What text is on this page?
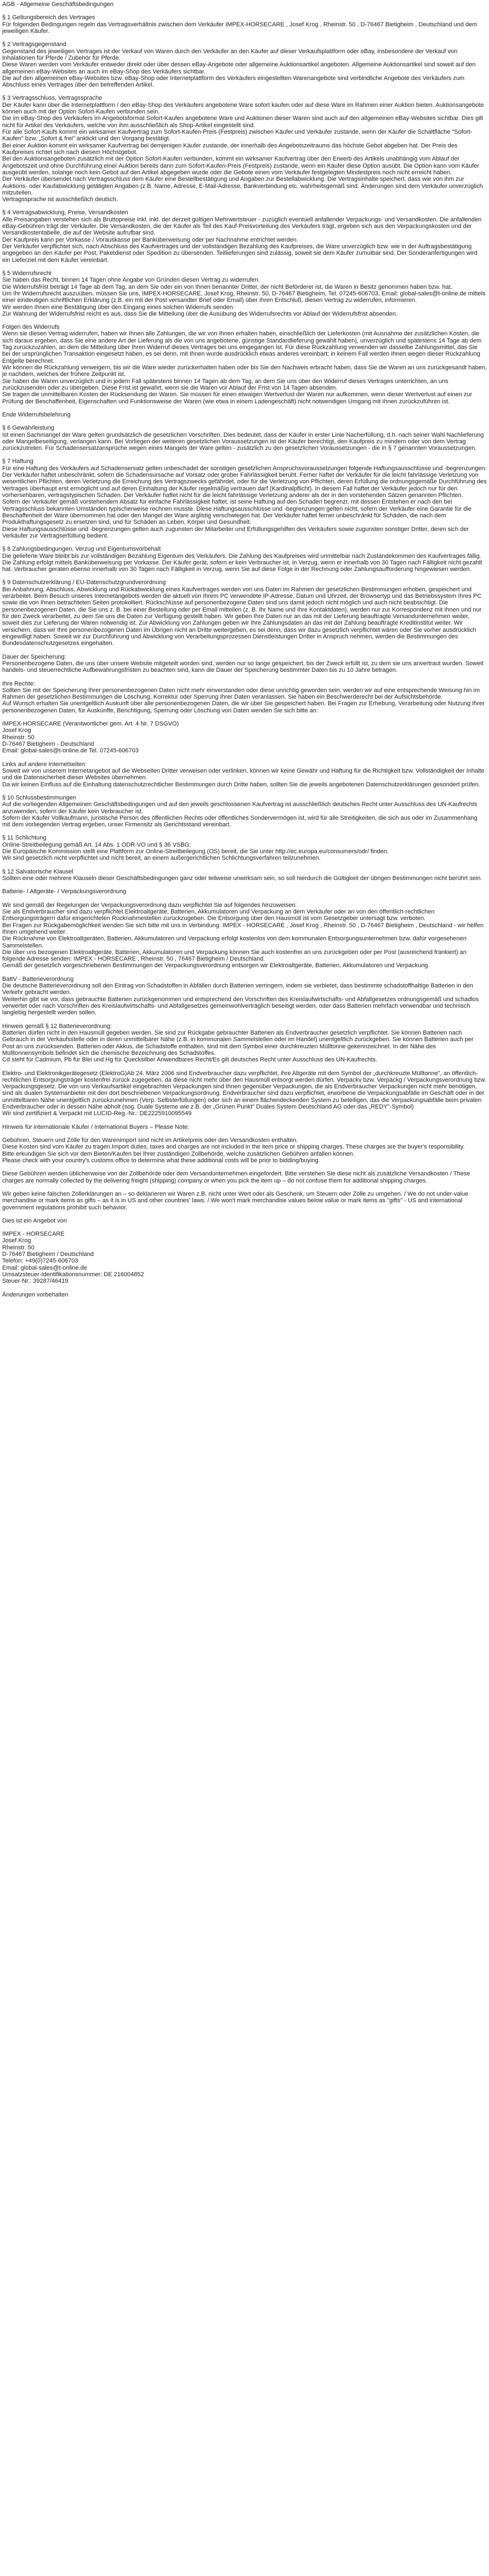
AGB - Allgemeine Geschäftsbedingungen

§ 1 Geltungsbereich des Vertrages
Für folgenden Bedingungen regeln das Vertragsverhältnis zwischen dem Verkäufer IMPEX-HORSECARE , Josef Krog , Rheinstr. 50 , D-76467 Bietigheim , Deutschland und dem jeweiligen Käufer.

§ 2 Vertragsgegenstand
Gegenstand des jeweiligen Vertrages ist der Verkauf von Waren durch den Verkäufer an den Käufer auf dieser Verkaufsplattform oder eBay, insbesondere der Verkauf von Inhalationen für Pferde / Zubehör für Pferde.
Diese Waren werden vom Verkäufer entweder direkt oder über dessen eBay-Angebote oder allgemeine Auktionsartikel angeboten. Allgemeine Auktionsartikel sind soweit auf den allgemeinen eBay-Websites an auch im eBay-Shop des Verkäufers sichtbar.
Die auf den allgemeinen eBay-Websites bzw. eBay-Shop oder Internetplattform des Verkäufers eingestellten Warenangebote sind verbindliche Angebote des Verkäufers zum Abschluss eines Vertrages über den betreffenden Artikel.

§ 3 Vertragsschluss, Vertragssprache
Der Käufer kann über die Internetplattform / den eBay-Shop des Verkäufers angebotene Ware sofort kaufen oder auf diese Ware im Rahmen einer Auktion bieten. Auktionsangebote können auch mit der Option Sofort-Kaufen verbunden sein.
Die im eBay-Shop des Verkäufers im Angebotsformat Sofort-Kaufen angebotene Ware und Auktionen dieser Waren sind auch auf den allgemeinen eBay-Websites sichtbar. Dies gilt nicht für Artikel des Verkäufers, welche von ihm ausschließlich als Shop-Artikel eingestellt sind.
Für alle Sofort-Kaufs kommt ein wirksamer Kaufvertrag zum Sofort-Kaufen-Preis (Festpreis) zwischen Käufer und Verkäufer zustande, wenn der Käufer die Schaltfläche "Sofort-Kaufen" bzw. „Sofort & frei" anklickt und den Vorgang bestätigt.
Bei einer Auktion kommt ein wirksamer Kaufvertrag bei demjenigen Käufer zustande, der innerhalb des Angebotszeitraums das höchste Gebot abgeben hat. Der Preis des Kaufpreises richtet sich nach diesem Höchstgebot.
Bei den Auktionsangeboten zusätzlich mit der Option Sofort-Kaufen verbunden, kommt ein wirksamer Kaufvertrag über den Erwerb des Artikels unabhängig vom Ablauf der Angebotszeit und ohne Durchführung einer Auktion bereits dann zum Sofort-Kaufen-Preis (Festpreis) zustande, wenn ein Käufer diese Option ausübt. Die Option kann vom Käufer ausgeübt werden, solange noch kein Gebot auf den Artikel abgegeben wurde oder die Gebote einen vom Verkäufer festgelegten Mindestpreis noch nicht erreicht haben.
Der Verkäufer übersendet nach Vertragsschluss dem Käufer eine Bestellbestätigung und Angaben zur Bestellabwicklung. Die Vertragsinhalte speichert, dass wie von ihm zur Auktions- oder Kaufabwicklung getätigten Angaben (z.B. Name, Adresse, E-Mail-Adresse, Bankverbindung etc. wahrheitsgemäß sind. Änderungen sind dem Verkäufer unverzüglich mitzuteilen.
Vertragssprache ist ausschließlich deutsch.

§ 4 Vertragsabwicklung, Preise, Versandkosten
Alle Preisangaben verstehen sich als Bruttopreise inkl. inkl. der derzeit gültigen Mehrwertsteuer - zuzüglich eventuell anfallender Verpackungs- und Versandkosten. Die anfallenden eBay-Gebühren trägt der Verkäufer. Die Versandkosten, die der Käufer als Teil des Kauf-Preisvorteilung des Verkäufers trägt, ergeben sich aus den Verpackungskosten und der Versandkostentabelle, die auf der Website aufrufbar sind.
Der Kaufpreis kann per Vorkasse / Vorauskasse per Banküberweisung oder per Nachnahme entrichtet werden.
Der Verkäufer verpflichtet sich, nach Abschluss des Kaufvertrages und der vollständigen Bezahlung des Kaufpreises, die Ware unverzüglich bzw. wie in der Auftragsbestätigung angegeben an den Käufer per Post, Paketdienst oder Spedition zu übersenden. Teillieferungen sind zulässig, soweit sie dem Käufer zumutbar sind. Der Sonderanfertigungen wird ein Lieferziel mit dem Käufer vereinbart.

§ 5 Widerrufsrecht
Sie haben das Recht, binnen 14 Tagen ohne Angabe von Gründen diesen Vertrag zu widerrufen.
Die Widerrufsfrist beträgt 14 Tage ab dem Tag, an dem Sie oder ein von Ihnen benannter Dritter, der nicht Beförderer ist, die Waren in Besitz genommen haben bzw. hat.
Um Ihr Widerrufsrecht auszuüben, müssen Sie uns, IMPEX-HORSECARE, Josef Krog, Rheinstr. 50, D-76467 Bietigheim, Tel. 07245-606703, Email: global-sales@t-online.de mittels einer eindeutigen schriftlichen Erklärung (z.B. ein mit der Post versandter Brief oder Email) über Ihren Entschluß, diesen Vertrag zu widerrufen, informieren.
Wir werden Ihnen eine Bestätigung über den Eingang eines solchen Widerrufs senden.
Zur Wahrung der Widerrufsfrist reicht es aus, dass Sie die Mitteilung über die Ausübung des Widerrufsrechts vor Ablauf der Widerrufsfrist absenden.

Folgen des Widerrufs
Wenn sie diesen Vertrag widerrufen, haben wir Ihnen alle Zahlungen, die wir von Ihnen erhalten haben, einschließlich der Lieferkosten (mit Ausnahme der zusätzlichen Kosten, die sich daraus ergeben, dass Sie eine andere Art der Lieferung als die von uns angebotene, günstige Standardlieferung gewählt haben), unverzüglich und spätestens 14 Tage ab dem Tag zurückzuzahlen, an dem die Mitteilung über Ihren Widerruf dieses Vertrages bei uns eingegangen ist. Für diese Rückzahlung verwenden wir dasselbe Zahlungsmittel, das Sie bei der ursprünglichen Transaktion eingesetzt haben, es sei denn, mit Ihnen wurde ausdrücklich etwas anderes vereinbart; in keinem Fall werden Ihnen wegen dieser Rückzahlung Entgelte berechnet.
Wir können die Rückzahlung verweigern, bis wir die Ware wieder zurückerhalten haben oder bis Sie den Nachweis erbracht haben, dass Sie die Waren an uns zurückgesandt haben, je nachdem, welches der frühere Zeitpunkt ist.
Sie haben die Waren unverzüglich und in jedem Fall spätestens binnen 14 Tagen ab dem Tag, an dem Sie uns über den Widerruf dieses Vertrages unterrichten, an uns zurückzusenden oder zu übergeben. Diese Frist ist gewahrt, wenn sie die Waren vor Ablauf der Frist von 14 Tagen absenden.
Sie tragen die unmittelbaren Kosten der Rücksendung der Waren. Sie müssen für einen etwaigen Wertverlust der Waren nur aufkommen, wenn dieser Wertverlust auf einen zur Prüfung der Beschaffenheit, Eigenschaften und Funktionsweise der Waren (wie etwa in einem Ladengeschäft) nicht notwendigen Umgang mit Ihnen zurückzuführen ist.

Ende Widerrufsbelehrung

§ 6 Gewährleistung
Ist einen Sachmangel der Ware gelten grundsätzlich die gesetzlichen Vorschriften. Dies bedeutet, dass der Käufer in erster Linie Nacherfüllung, d.h. nach seiner Wahl Nachlieferung oder Mangelbeseitigung, verlangen kann. Bei Vorliegen der weiteren gesetzlichen Voraussetzungen ist der Käufer berechtigt, den Kaufpreis zu mindern oder von dem Vertrag zurückzutreten. Für Schadensersatzansprüche wegen eines Mangels der Ware gelten - zusätzlich zu den gesetzlichen Voraussetzungen - die in § 7 genannten Voraussetzungen.

§ 7 Haftung
Für eine Haftung des Verkäufers auf Schadensersatz gelten unbeschadet der sonstigen gesetzlichen Anspruchsvoraussetzungen folgende Haftungsausschlüsse und -begrenzungen:
Der Verkäufer haftet unbeschränkt, sofern die Schadensursache auf Vorsatz oder grober Fahrlässigkeit beruht. Ferner haftet der Verkäufer für die leicht fahrlässige Verletzung von wesentlichen Pflichten, deren Verletzung die Erreichung des Vertragszwecks gefährdet, oder für die Verletzung von Pflichten, deren Erfüllung die ordnungsgemäße Durchführung des Vertrages überhaupt erst ermöglicht und auf deren Einhaltung der Käufer regelmäßig vertrauen darf (Kardinalpflicht). In diesem Fall haftet der Verkäufer jedoch nur für den vorhersehbaren, vertragstypischen Schaden. Der Verkäufer haftet nicht für die leicht fahrlässige Verletzung anderer als der in den vorstehenden Sätzen genannten Pflichten.
Sofern der Verkäufer gemäß vorstehendem Absatz für einfache Fahrlässigkeit haftet, ist seine Haftung auf den Schaden begrenzt, mit dessen Entstehen er nach den bei Vertragsschluss bekannten Umständen typischerweise rechnen musste. Diese Haftungsausschlüsse und -begrenzungen gelten nicht, sofern der Verkäufer eine Garantie für die Beschaffenheit der Ware übernommen hat oder den Mangel der Ware arglistig verschwiegen hat. Der Verkäufer haftet ferner unbeschränkt für Schäden, die nach dem Produkthaftungsgesetz zu ersetzen sind, und für Schäden an Leben, Körper und Gesundheit.
Diese Haftungsausschlüsse und -begrenzungen gelten auch zugunsten der Mitarbeiter und Erfüllungsgehilfen des Verkäufers sowie zugunsten sonstiger Dritter, deren sich der Verkäufer zur Vertragserfüllung bedient.

§ 8 Zahlungsbedingungen, Verzug und Eigentumsvorbehalt
Die gelieferte Ware bleibt bis zur vollständigen Bezahlung Eigentum des Verkäufers. Die Zahlung des Kaufpreises wird unmittelbar nach Zustandekommen des Kaufvertrages fällig. Die Zahlung erfolgt mittels Banküberweisung per Vorkasse. Der Käufer gerät, sofern er kein Verbraucher ist, in Verzug, wenn er innerhalb von 30 Tagen nach Fälligkeit nicht gezahlt hat. Verbraucher geraten ebenso innerhalb von 30 Tagen nach Fälligkeit in Verzug, wenn Sie auf diese Folge in der Rechnung oder Zahlungsaufforderung hingewiesen werden.

§ 9 Datenschutzerklärung / EU-Datenschutzgrundverordnung
Bei Anbahnung, Abschluss, Abwicklung und Rückabwicklung eines Kaufvertrages werden von uns Daten im Rahmen der gesetzlichen Bestimmungen erhoben, gespeichert und verarbeitet. Beim Besuch unseres Internetangebots werden die aktuell von Ihrem PC verwendete IP-Adresse, Datum und Uhrzeit, der Browsertyp und das Betriebssystem Ihres PC sowie die von Ihnen betrachteten Seiten protokolliert. Rückschlüsse auf personenbezogene Daten sind uns damit jedoch nicht möglich und auch nicht beabsichtigt. Die personenbezogenen Daten, die Sie uns z. B. bei einer Bestellung oder per Email mitteilen (z. B. Ihr Name und Ihre Kontaktdaten), werden nur zur Korrespondenz mit Ihnen und nur für den Zweck verarbeitet, zu dem Sie uns die Daten zur Verfügung gestellt haben. Wir geben Ihre Daten nur an das mit der Lieferung beauftragte Versandunternehmen weiter, soweit dies zur Lieferung der Waren notwendig ist. Zur Abwicklung von Zahlungen geben wir Ihre Zahlungsdaten an das mit der Zahlung beauftragte Kreditinstitut weiter. Wir versichern, dass wir Ihre personenbezogenen Daten im Übrigen nicht an Dritte weitergeben, es sei denn, dass wir dazu gesetzlich verpflichtet wären oder Sie vorher ausdrücklich eingewilligt haben. Soweit wir zur Durchführung und Abwicklung von Verarbeitungsprozessen Dienstleistungen Dritter in Anspruch nehmen, werden die Bestimmungen des Bundesdatenschutzgesetzes eingehalten.

Dauer der Speicherung:
Personenbezogene Daten, die uns über unsere Website mitgeteilt worden sind, werden nur so lange gespeichert, bis der Zweck erfüllt ist, zu dem sie uns anvertraut wurden. Soweit handels- und steuerrechtliche Aufbewahrungsfristen zu beachten sind, kann die Dauer der Speicherung bestimmter Daten bis zu 10 Jahre betragen.

Ihre Rechte:
Sollten Sie mit der Speicherung Ihrer personenbezogenen Daten nicht mehr einverstanden oder diese unrichtig geworden sein, werden wir auf eine entsprechende Weisung hin im Rahmen der gesetzlichen Bestimmungen die Löschung, Korrektur oder Sperrung Ihrer Daten veranlassen. Sie haben ein Beschwerderecht bei der Aufsichtsbehörde.
Auf Wunsch erhalten Sie unentgeltlich Auskunft über alle personenbezogenen Daten, die wir über Sie gespeichert haben. Bei Fragen zur Erhebung, Verarbeitung oder Nutzung Ihrer personenbezogenen Daten, für Auskünfte, Berichtigung, Sperrung oder Löschung von Daten wenden Sie sich bitte an:

IMPEX-HORSECARE (Verantwortlicher gem. Art. 4 Nr. 7 DSGVO)
Josef Krog
Rheinstr. 50
D-76467 Bietigheim - Deutschland
Email: global-sales@t-online.de Tel. 07245-606703

Links auf andere Internetseiten:
Soweit wir von unserem Internetangebot auf die Webseiten Dritter verweisen oder verlinken, können wir keine Gewähr und Haftung für die Richtigkeit bzw. Vollständigkeit der Inhalte und die Datensicherheit dieser Websites übernehmen.
Da wir keinen Einfluss auf die Einhaltung datenschutzrechtlicher Bestimmungen durch Dritte haben, sollten Sie die jeweils angebotenen Datenschutzerklärungen gesondert prüfen.

§ 10 Schlussbestimmungen
Auf die vorliegenden Allgemeinen Geschäftsbedingungen und auf den jeweils geschlossenen Kaufvertrag ist ausschließlich deutsches Recht unter Ausschluss des UN-Kaufrechts anzuwenden, sofern der Käufer kein Verbraucher ist.
Sofern der Käufer Vollkaufmann, juristische Person des öffentlichen Rechts oder öffentliches Sondervermögen ist, wird für alle Streitigkeiten, die sich aus oder im Zusammenhang mit dem vorliegenden Vertrag ergeben, unser Firmensitz als Gerichtsstand vereinbart.

§ 11 Schlichtung
Online-Streitbeilegung gemäß Art. 14 Abs. 1 ODR-VO und § 36 VSBG:
Die Europäische Kommission stellt eine Plattform zur Online-Streitbeilegung (OS) bereit, die Sie unter http://ec.europa.eu/consumers/odr/ finden.
Wir sind gesetzlich nicht verpflichtet und nicht bereit, an einem außergerichtlichen Schlichtungsverfahren teilzunehmen.

§ 12 Salvatorische Klausel
Sollten eine oder mehrere Klauseln dieser Geschäftsbedingungen ganz oder teilweise unwirksam sein, so soll hierdurch die Gültigkeit der übrigen Bestimmungen nicht berührt sein.

Batterie- / Altgeräte- / Verpackungsverordnung

Wir sind gemäß der Regelungen der Verpackungsverordnung dazu verpflichtet Sie auf folgendes hinzuweisen:
Sie als Endverbraucher sind dazu verpflichtet Elektroaltgeräte, Batterien, Akkumulatoren und Verpackung an dem Verkäufer oder an von den öffentlich-rechtlichen Entsorgungsträgern dafür eingerichteten Rücknahmestellen zurückzugeben. Die Entsorgung über den Hausmüll ist vom Gesetzgeber untersagt bzw. verboten.
Bei Fragen zur Rückgabemöglichkeit wenden Sie sich bitte mit uns in Verbindung: IMPEX - HORSECARE , Josef Krog , Rheinstr. 50 , D-76467 Bietigheim , Deutschland - wir helfen Ihnen umgehend weiter.
Die Rücknahme von Elektroaltgeräten, Batterien, Akkumulatoren und Verpackung erfolgt kostenlos von dem kommunalen Entsorgungsunternehmen bzw. dafür vorgesehenen Sammelstellen.
Die über uns bezogenen Elektroaltgeräte, Batterien, Akkumulatoren und Verpackung können Sie auch kostenfrei an uns zurückgeben oder per Post (ausreichend frankiert) an folgende Adresse senden: IMPEX - HORSECARE , Rheinstr. 50 , 76467 Bietigheim / Deutschland.
Gemäß der gesetzlich vorgeschriebenen Bestimmungen der Verpackungsverordnung entsorgen wir Elektroaltgeräte, Batterien, Akkumulatoren und Verpackung.

BattV - Batterieverordnung
Die deutsche Batterieverordnung soll den Eintrag von Schadstoffen in Abfällen durch Batterien verringern, indem sie verbietet, dass bestimmte schadstoffhaltige Batterien in den Verkehr gebracht werden.
Weiterhin gibt sie vor, dass gebrauchte Batterien zurückgenommen und entsprechend den Vorschriften des Kreislaufwirtschafts- und Abfallgesetzes ordnungsgemäß und schadlos verwertet oder nach Vorschriften des Kreislaufwirtschafts- und Abfallgesetzes gemeinwohlverträglich beseitigt werden, oder dass Batterien mehrfach verwendbar und technisch langlebig hergestellt werden sollen.

Hinweis gemäß § 12 Batterieverordnung:
Batterien dürfen nicht in den Hausmüll gegeben werden. Sie sind zur Rückgabe gebrauchter Batterien als Endverbraucher gesetzlich verpflichtet. Sie können Batterien nach Gebrauch in der Verkaufsstelle oder in deren unmittelbarer Nähe (z.B. in kommunalen Sammelstellen oder im Handel) unentgeltlich zurückgeben. Sie können Batterien auch per Post an uns zurücksenden. Batterien oder Akkus, die Schadstoffe enthalten, sind mit dem Symbol einer durchkreuzten Mülltonne gekennzeichnet. In der Nähe des Mülltonnensymbols befindet sich die chemische Bezeichnung des Schadstoffes.
Cd steht für Cadmium, Pb für Blei und Hg für Quecksilber Anwendbares Recht/Es gilt deutsches Recht unter Ausschluss des UN-Kaufrechts.

Elektro- und Elektronikgerätegesetz (ElektroG)Ab 24. März 2006 sind Endverbraucher dazu verpflichtet, ihre Altgeräte mit dem Symbol der „durchkreuzte Mülltonne", an öffentlich-rechtlichen Entsorgungsträger kostenfrei zurück zugegeben, da diese nicht mehr über den Hausmüll entsorgt werden dürfen. Verpackv bzw. Verpackg / Verpackungsverordnung bzw. Verpackungsgesetz. Die von uns Verkaufsartikel eingebrachten Verpackungen sind Ihnen gegenüber Verpackungen, die als Endverbraucher Verpackungen nicht mehr benötigen, sind als dualen Systemanbieter mit den dort beschriebenen Verpackungsordnung. Endverbraucher sind dazu verpflichtet, erworbene die Verpackungsabfälle im Geschäft oder in der unmittelbaren Nähe unentgeltlich zurückzunehmen (Verp. Selbsterfüllungen) oder sich an einem flächendeckenden System zu beteiligen, das die Verpackungsabfälle beim privaten Endverbraucher oder in dessen Nähe abholt (sog. Duale Systeme wie z.B. der „Grünen Punkt" Duales System Deutschland AG oder das „REDY"-Symbol)
Wir sind zertifiziert & Verpackt mit LUCID-Reg.-Nr.: DE2225910095549

Hinweis für internationale Käufer / International Buyers – Please Note:

Gebühren, Steuern und Zölle für den Warenimport sind nicht im Artikelpreis oder den Versandkosten enthalten.
Diese Kosten sind vom Käufer zu tragen.Import duties, taxes and charges are not included in the item price or shipping charges. These charges are the buyer's responsibility.
Bitte erkundigen Sie sich vor dem Bieten/Kaufen bei Ihrer zuständigen Zollbehörde, welche zusätzlichen Gebühren anfallen können.
Please check with your country's customs office to determine what these additional costs will be prior to bidding/buying.

Diese Gebühren werden üblicherweise von der Zollbehörde oder dem Versandunternehmen eingefordert. Bitte verstehen Sie diese nicht als zusätzliche Versandkosten / These charges are normally collected by the delivering freight (shipping) company or when you pick the item up – do not confuse them for additional shipping charges.

Wir geben keine falschen Zollerklärungen an – so deklarieren wir Waren z.B. nicht unter Wert oder als Geschenk, um Steuern oder Zölle zu umgehen. / We do not under-value merchandise or mark items as gifts – as it is in US and other countries' laws. / We won't mark merchandise values below value or mark items as "gifts" - US and international government regulations prohibit such behavior.

Dies ist ein Angebot von

IMPEX - HORSECARE
Josef Krog
Rheinstr. 50
D-76467 Bietigheim / Deutschland
Telefon: +49(0)7245-606703
Email: global-sales@t-online.de
Umsatzsteuer-Identifikationsnummer: DE 216004852
Steuer-Nr.: 39287/46419

Änderungen vorbehalten
